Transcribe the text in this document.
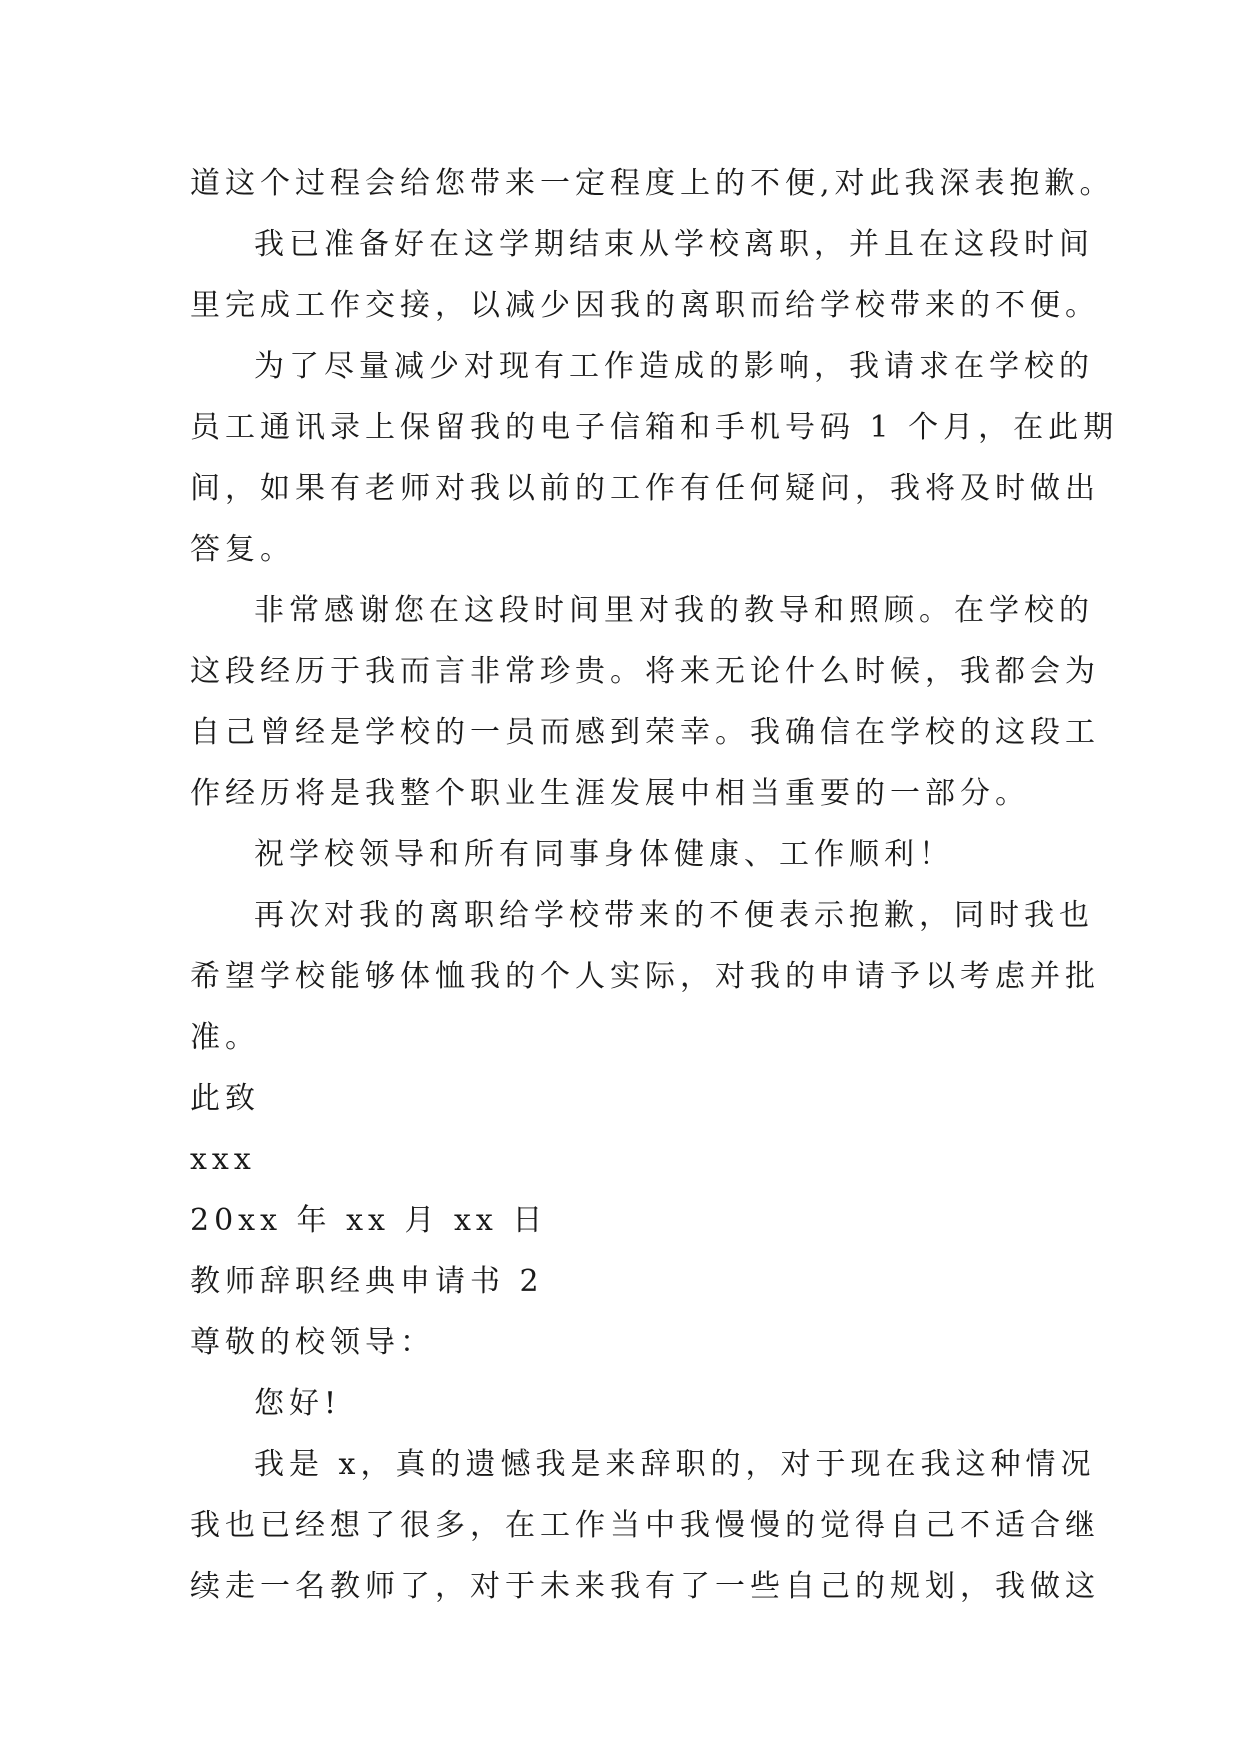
道这个过程会给您带来一定程度上的不便,对此我深表抱歉。

我已准备好在这学期结束从学校离职，并且在这段时间

里完成工作交接，以减少因我的离职而给学校带来的不便。

为了尽量减少对现有工作造成的影响，我请求在学校的

员工通讯录上保留我的电子信箱和手机号码 1 个月，在此期

间，如果有老师对我以前的工作有任何疑问，我将及时做出

答复。

非常感谢您在这段时间里对我的教导和照顾。在学校的

这段经历于我而言非常珍贵。将来无论什么时候，我都会为

自己曾经是学校的一员而感到荣幸。我确信在学校的这段工

作经历将是我整个职业生涯发展中相当重要的一部分。

祝学校领导和所有同事身体健康、工作顺利！

再次对我的离职给学校带来的不便表示抱歉，同时我也

希望学校能够体恤我的个人实际，对我的申请予以考虑并批

准。

此致

xxx

20xx 年 xx 月 xx 日

教师辞职经典申请书 2

尊敬的校领导：

您好!

我是 x，真的遗憾我是来辞职的，对于现在我这种情况

我也已经想了很多，在工作当中我慢慢的觉得自己不适合继

续走一名教师了，对于未来我有了一些自己的规划，我做这
